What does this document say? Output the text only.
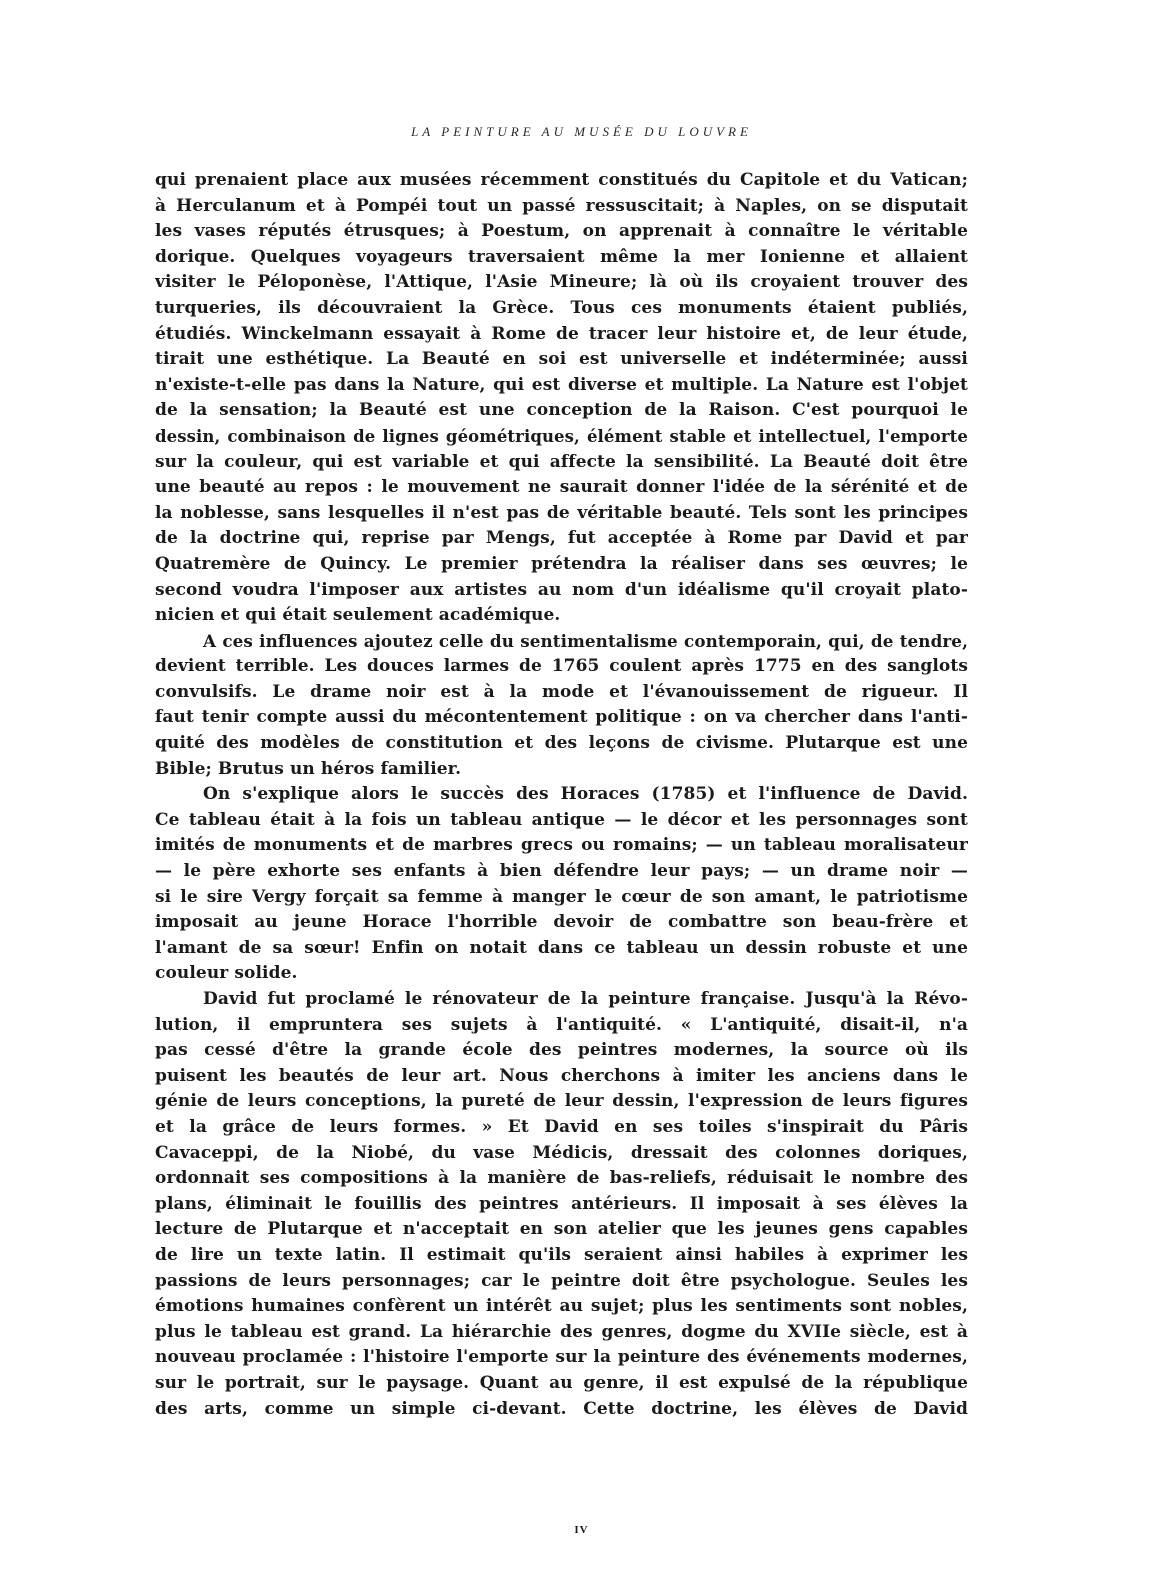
LA PEINTURE AU MUSÉE DU LOUVRE
qui prenaient place aux musées récemment constitués du Capitole et du Vatican;
à Herculanum et à Pompéi tout un passé ressuscitait; à Naples, on se disputait
les vases réputés étrusques; à Poestum, on apprenait à connaître le véritable
dorique. Quelques voyageurs traversaient même la mer Ionienne et allaient
visiter le Péloponèse, l'Attique, l'Asie Mineure; là où ils croyaient trouver des
turqueries, ils découvraient la Grèce. Tous ces monuments étaient publiés,
étudiés. Winckelmann essayait à Rome de tracer leur histoire et, de leur étude,
tirait une esthétique. La Beauté en soi est universelle et indéterminée; aussi
n'existe-t-elle pas dans la Nature, qui est diverse et multiple. La Nature est l'objet
de la sensation; la Beauté est une conception de la Raison. C'est pourquoi le
dessin, combinaison de lignes géométriques, élément stable et intellectuel, l'emporte
sur la couleur, qui est variable et qui affecte la sensibilité. La Beauté doit être
une beauté au repos : le mouvement ne saurait donner l'idée de la sérénité et de
la noblesse, sans lesquelles il n'est pas de véritable beauté. Tels sont les principes
de la doctrine qui, reprise par Mengs, fut acceptée à Rome par David et par
Quatremère de Quincy. Le premier prétendra la réaliser dans ses œuvres; le
second voudra l'imposer aux artistes au nom d'un idéalisme qu'il croyait plato-
nicien et qui était seulement académique.
A ces influences ajoutez celle du sentimentalisme contemporain, qui, de tendre,
devient terrible. Les douces larmes de 1765 coulent après 1775 en des sanglots
convulsifs. Le drame noir est à la mode et l'évanouissement de rigueur. Il
faut tenir compte aussi du mécontentement politique : on va chercher dans l'anti-
quité des modèles de constitution et des leçons de civisme. Plutarque est une
Bible; Brutus un héros familier.
On s'explique alors le succès des Horaces (1785) et l'influence de David.
Ce tableau était à la fois un tableau antique — le décor et les personnages sont
imités de monuments et de marbres grecs ou romains; — un tableau moralisateur
— le père exhorte ses enfants à bien défendre leur pays; — un drame noir —
si le sire Vergy forçait sa femme à manger le cœur de son amant, le patriotisme
imposait au jeune Horace l'horrible devoir de combattre son beau-frère et
l'amant de sa sœur! Enfin on notait dans ce tableau un dessin robuste et une
couleur solide.
David fut proclamé le rénovateur de la peinture française. Jusqu'à la Révo-
lution, il empruntera ses sujets à l'antiquité. « L'antiquité, disait-il, n'a
pas cessé d'être la grande école des peintres modernes, la source où ils
puisent les beautés de leur art. Nous cherchons à imiter les anciens dans le
génie de leurs conceptions, la pureté de leur dessin, l'expression de leurs figures
et la grâce de leurs formes. » Et David en ses toiles s'inspirait du Pâris
Cavaceppi, de la Niobé, du vase Médicis, dressait des colonnes doriques,
ordonnait ses compositions à la manière de bas-reliefs, réduisait le nombre des
plans, éliminait le fouillis des peintres antérieurs. Il imposait à ses élèves la
lecture de Plutarque et n'acceptait en son atelier que les jeunes gens capables
de lire un texte latin. Il estimait qu'ils seraient ainsi habiles à exprimer les
passions de leurs personnages; car le peintre doit être psychologue. Seules les
émotions humaines confèrent un intérêt au sujet; plus les sentiments sont nobles,
plus le tableau est grand. La hiérarchie des genres, dogme du XVIIe siècle, est à
nouveau proclamée : l'histoire l'emporte sur la peinture des événements modernes,
sur le portrait, sur le paysage. Quant au genre, il est expulsé de la république
des arts, comme un simple ci-devant. Cette doctrine, les élèves de David
IV
